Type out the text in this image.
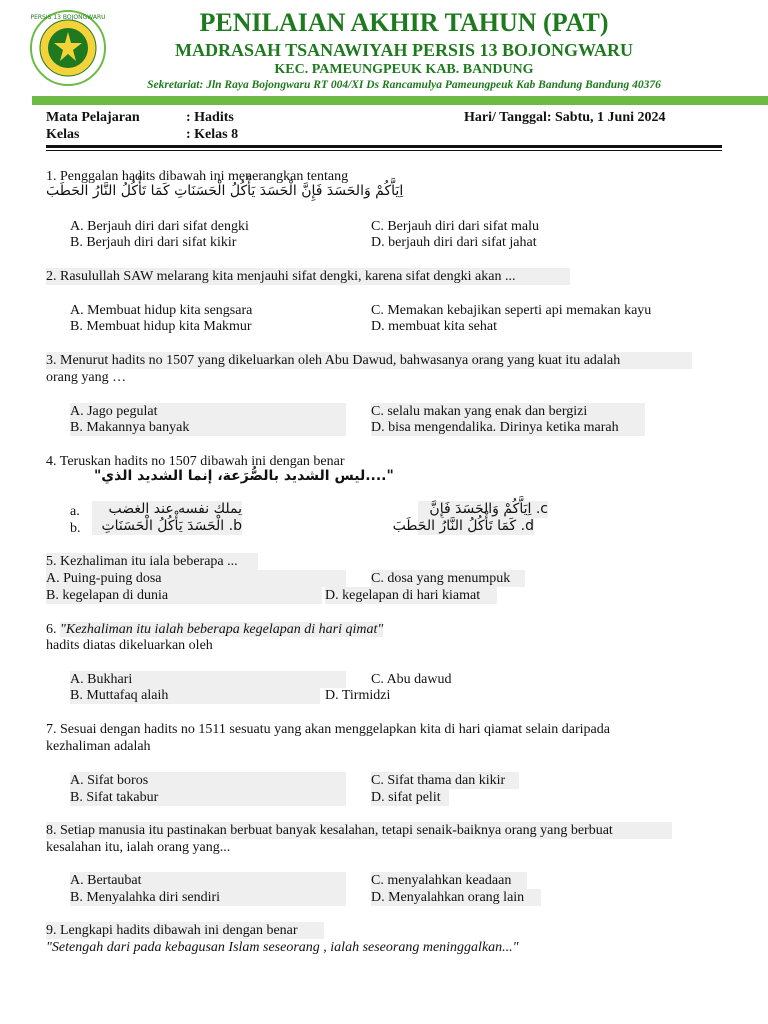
PERSIS 13 BOJONGWARU	PENILAIAN AKHIR TAHUN (PAT)
MADRASAH TSANAWIYAH PERSIS 13 BOJONGWARU
KEC. PAMEUNGPEUK KAB. BANDUNG
Sekretariat: Jln Raya Bojongwaru RT 004/XI Ds Rancamulya Pameungpeuk Kab Bandung Bandung 40376
Mata Pelajaran	: Hadits
Kelas	: Kelas 8
Hari/ Tanggal: Sabtu, 1 Juni 2024
1. Penggalan hadits dibawah ini menerangkan tentang
اِيَاَّكُمْ وَالحَسَدَ فَإِنَّ الْحَسَدَ يَأْكُلُ الْحَسَنَاتِ كَمَا تَأْكُلُ النَّارُ الحَطَبَ
A. Berjauh diri dari sifat dengki
B. Berjauh diri dari sifat kikir
C. Berjauh diri dari sifat malu
D. berjauh diri dari sifat jahat
2. Rasulullah SAW melarang kita menjauhi sifat dengki, karena sifat dengki akan ...
A. Membuat hidup kita sengsara
B. Membuat hidup kita Makmur
C. Memakan kebajikan seperti api memakan kayu
D. membuat kita sehat
3. Menurut hadits no 1507 yang dikeluarkan oleh Abu Dawud, bahwasanya orang yang kuat itu adalah
orang yang …
A. Jago pegulat
B. Makannya banyak
C. selalu makan yang enak dan bergizi
D. bisa mengendalika. Dirinya ketika marah
4. Teruskan hadits no 1507 dibawah ini dengan benar
"....ليس الشديد بالصُّرَعة، إنما الشديد الذي"
a.	يملك نفسه عند الغضب
b.	b. الْحَسَدَ يَأْكُلُ الْحَسَنَاتِ
c. اِيَاَّكُمْ وَالحَسَدَ فَإِنَّ
d. كَمَا تَأْكُلُ النَّارُ الحَطَبَ
5. Kezhaliman itu iala beberapa ...
A. Puing-puing dosa
B. kegelapan di dunia
C. dosa yang menumpuk
D. kegelapan di hari kiamat
6. "Kezhaliman itu ialah beberapa kegelapan di hari qimat"
hadits diatas dikeluarkan oleh
A. Bukhari
B. Muttafaq alaih
C. Abu dawud
D. Tirmidzi
7. Sesuai dengan hadits no 1511 sesuatu yang akan menggelapkan kita di hari qiamat selain daripada
kezhaliman adalah
A. Sifat boros
B. Sifat takabur
C. Sifat thama dan kikir
D. sifat pelit
8. Setiap manusia itu pastinakan berbuat banyak kesalahan, tetapi senaik-baiknya orang yang berbuat
kesalahan itu, ialah orang yang...
A. Bertaubat
B. Menyalahka diri sendiri
C. menyalahkan keadaan
D. Menyalahkan orang lain
9. Lengkapi hadits dibawah ini dengan benar
"Setengah dari pada kebagusan Islam seseorang , ialah seseorang meninggalkan..."
